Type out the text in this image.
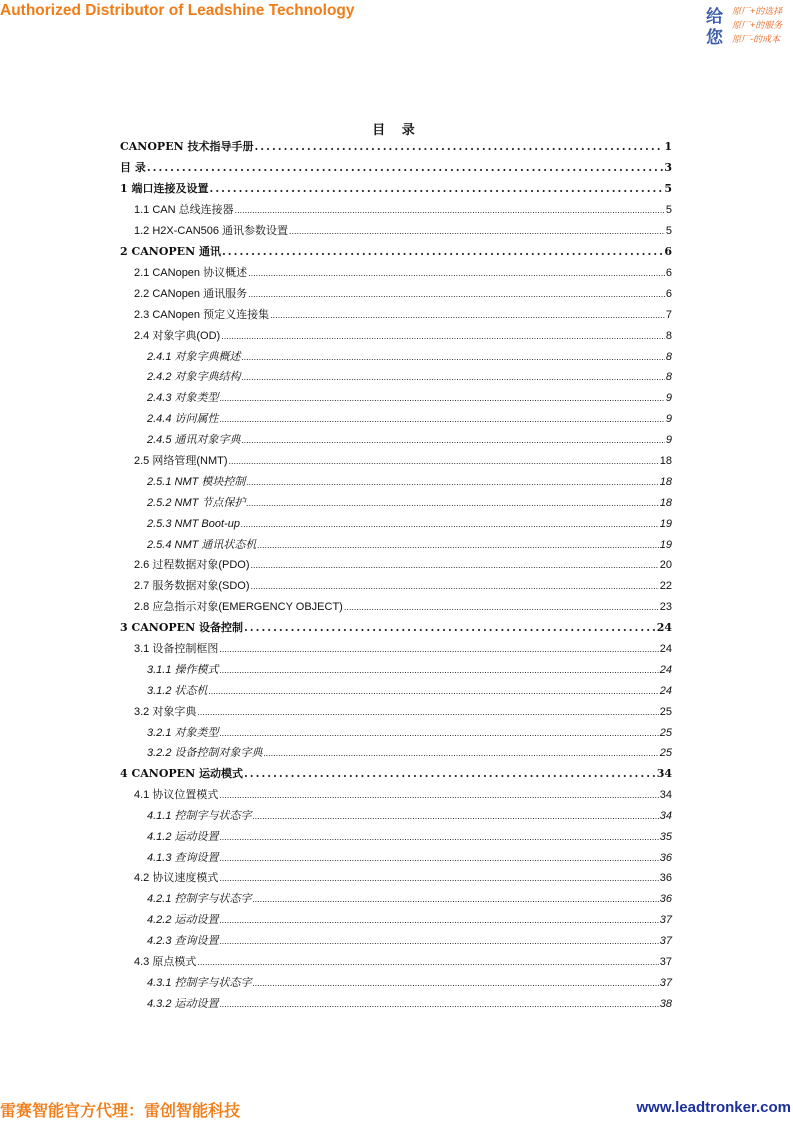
Authorized Distributor of Leadshine Technology	给
您
原厂+的选择
原厂+的服务
原厂-的成本
目 录
CANOPEN 技术指导手册 .....	1
目 录 .....	3
1 端口连接及设置 .....	5
1.1 CAN 总线连接器 .....	5
1.2 H2X-CAN506 通讯参数设置 .....	5
2 CANOPEN 通讯 .....	6
2.1 CANopen 协议概述 .....	6
2.2 CANopen 通讯服务 .....	6
2.3 CANopen 预定义连接集 .....	7
2.4 对象字典(OD) .....	8
2.4.1 对象字典概述 .....	8
2.4.2 对象字典结构 .....	8
2.4.3 对象类型 .....	9
2.4.4 访问属性 .....	9
2.4.5 通讯对象字典 .....	9
2.5 网络管理(NMT) .....	18
2.5.1 NMT 模块控制 .....	18
2.5.2 NMT 节点保护 .....	18
2.5.3 NMT Boot-up .....	19
2.5.4 NMT 通讯状态机 .....	19
2.6 过程数据对象(PDO) .....	20
2.7 服务数据对象(SDO) .....	22
2.8 应急指示对象(EMERGENCY OBJECT) .....	23
3 CANOPEN 设备控制 .....	24
3.1 设备控制框图 .....	24
3.1.1 操作模式 .....	24
3.1.2 状态机 .....	24
3.2 对象字典 .....	25
3.2.1 对象类型 .....	25
3.2.2 设备控制对象字典 .....	25
4 CANOPEN 运动模式 .....	34
4.1 协议位置模式 .....	34
4.1.1 控制字与状态字 .....	34
4.1.2 运动设置 .....	35
4.1.3 查询设置 .....	36
4.2 协议速度模式 .....	36
4.2.1 控制字与状态字 .....	36
4.2.2 运动设置 .....	37
4.2.3 查询设置 .....	37
4.3 原点模式 .....	37
4.3.1 控制字与状态字 .....	37
4.3.2 运动设置 .....	38
雷赛智能官方代理：雷创智能科技	www.leadtronker.com
